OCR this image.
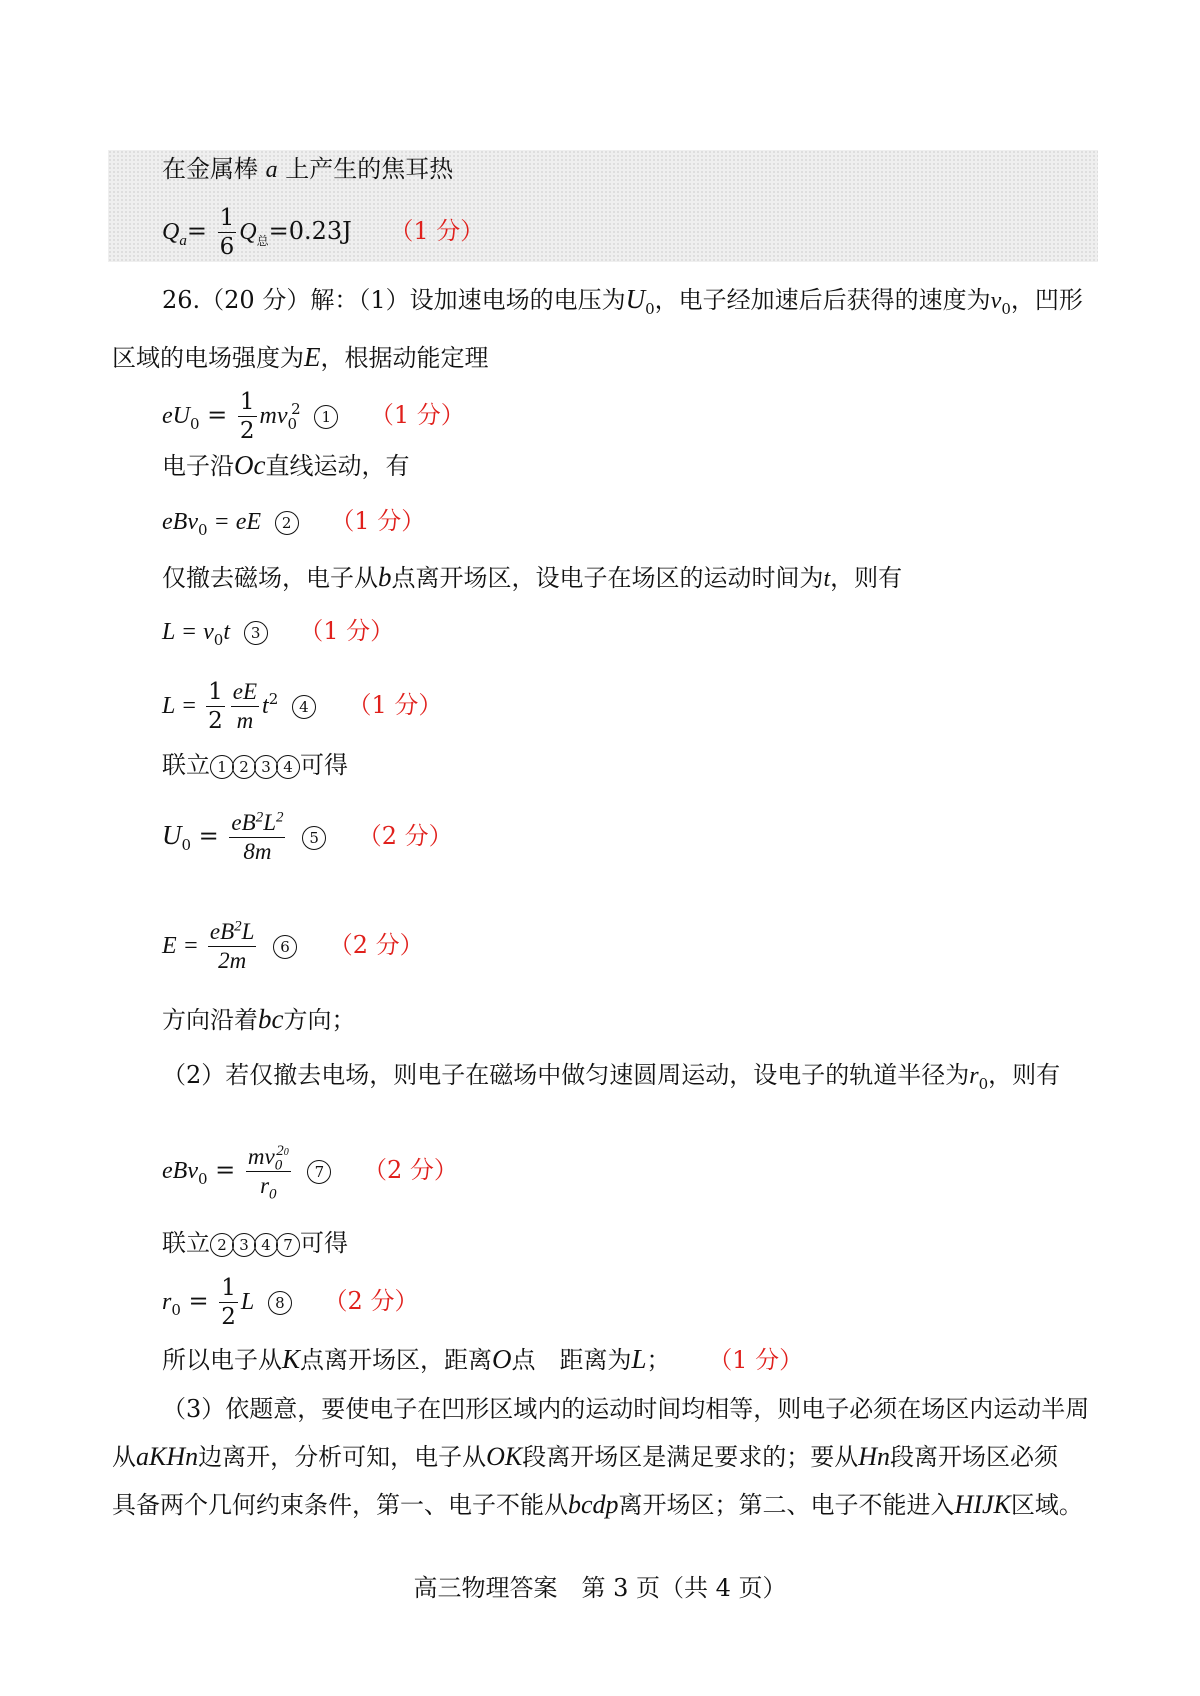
在金属棒 a 上产生的焦耳热
$Q_a= \frac{1}{6} Q_总=0.23J$ （1 分）
26.（20 分）解：（1）设加速电场的电压为$U_0$，电子经加速后后获得的速度为$v_0$，凹形
区域的电场强度为E，根据动能定理
$eU_0 = \frac{1}{2} mv_0^2$ 1 （1 分）
电子沿Oc直线运动，有
eBv$_0$ = eE 2 （1 分）
仅撤去磁场，电子从b点离开场区，设电子在场区的运动时间为t，则有
$L = v_0t$ 3 （1 分）
$L = \frac{1}{2} \frac{eE}{m} t^2$ 4 （1 分）
联立 1 2 3 4 可得
$U_0 = \frac{eB^2L^2}{8m} 5$ （2 分）
$E = \frac{eB^2L}{2m} 6$ （2 分）
方向沿着bc方向；
（2）若仅撤去电场，则电子在磁场中做匀速圆周运动，设电子的轨道半径为$r_0$，则有
$eBv_0 = \frac{mv_0^{20}}{r_0} 7$ （2 分）
联立 2 3 4 7 可得
$r_0 = \frac{1}{2}$ L 8 （2 分）
所以电子从K点离开场区，距离O点　距离为L； （1 分）
（3）依题意，要使电子在凹形区域内的运动时间均相等，则电子必须在场区内运动半周
从aKHn边离开，分析可知，电子从OK段离开场区是满足要求的；要从Hn段离开场区必须
具备两个几何约束条件，第一、电子不能从bcdp离开场区；第二、电子不能进入HIJK区域。
高三物理答案　第 3 页（共 4 页）
